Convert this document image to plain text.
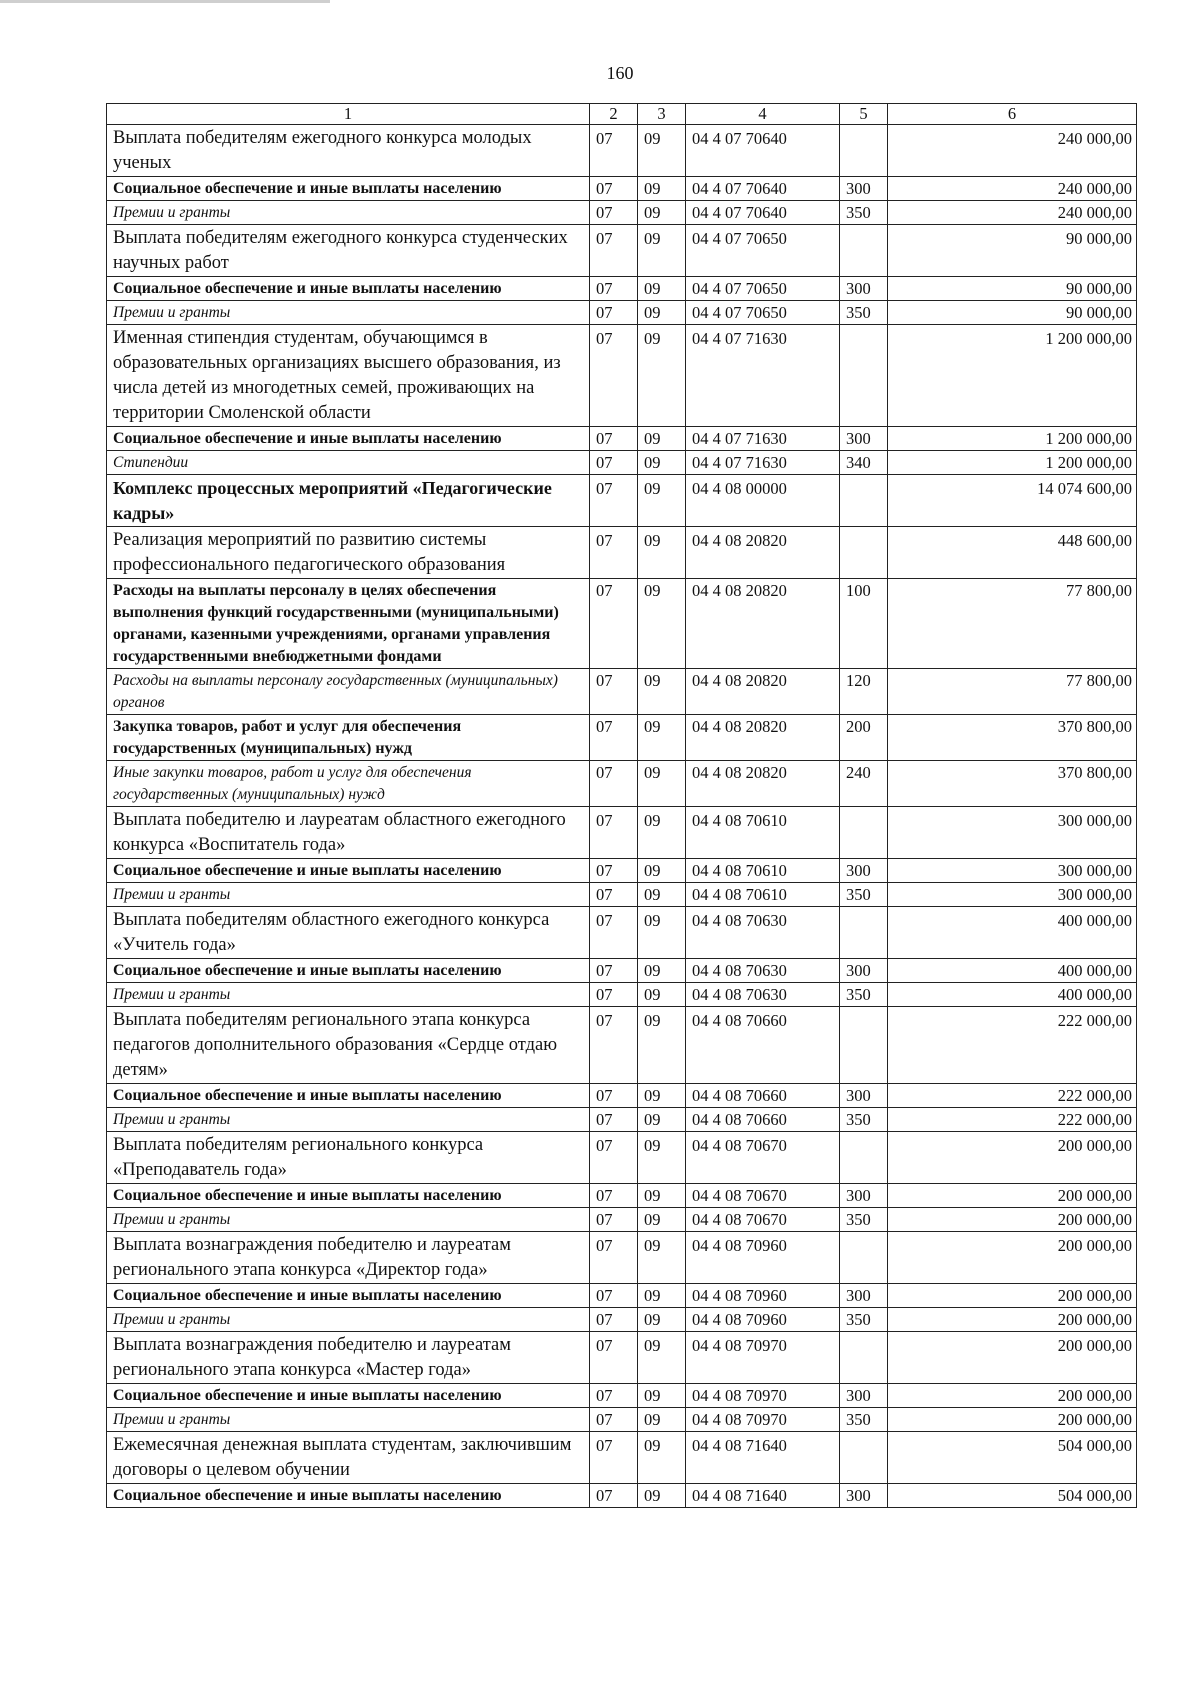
160
1	2	3	4	5	6
Выплата победителям ежегодного конкурса молодых ученых	07	09	04 4 07 70640		240 000,00
Социальное обеспечение и иные выплаты населению	07	09	04 4 07 70640	300	240 000,00
Премии и гранты	07	09	04 4 07 70640	350	240 000,00
Выплата победителям ежегодного конкурса студенческих научных работ	07	09	04 4 07 70650		90 000,00
Социальное обеспечение и иные выплаты населению	07	09	04 4 07 70650	300	90 000,00
Премии и гранты	07	09	04 4 07 70650	350	90 000,00
Именная стипендия студентам, обучающимся в образовательных организациях высшего образования, из числа детей из многодетных семей, проживающих на территории Смоленской области	07	09	04 4 07 71630		1 200 000,00
Социальное обеспечение и иные выплаты населению	07	09	04 4 07 71630	300	1 200 000,00
Стипендии	07	09	04 4 07 71630	340	1 200 000,00
Комплекс процессных мероприятий «Педагогические кадры»	07	09	04 4 08 00000		14 074 600,00
Реализация мероприятий по развитию системы профессионального педагогического образования	07	09	04 4 08 20820		448 600,00
Расходы на выплаты персоналу в целях обеспечения выполнения функций государственными (муниципальными) органами, казенными учреждениями, органами управления государственными внебюджетными фондами	07	09	04 4 08 20820	100	77 800,00
Расходы на выплаты персоналу государственных (муниципальных) органов	07	09	04 4 08 20820	120	77 800,00
Закупка товаров, работ и услуг для обеспечения государственных (муниципальных) нужд	07	09	04 4 08 20820	200	370 800,00
Иные закупки товаров, работ и услуг для обеспечения государственных (муниципальных) нужд	07	09	04 4 08 20820	240	370 800,00
Выплата победителю и лауреатам областного ежегодного конкурса «Воспитатель года»	07	09	04 4 08 70610		300 000,00
Социальное обеспечение и иные выплаты населению	07	09	04 4 08 70610	300	300 000,00
Премии и гранты	07	09	04 4 08 70610	350	300 000,00
Выплата победителям областного ежегодного конкурса «Учитель года»	07	09	04 4 08 70630		400 000,00
Социальное обеспечение и иные выплаты населению	07	09	04 4 08 70630	300	400 000,00
Премии и гранты	07	09	04 4 08 70630	350	400 000,00
Выплата победителям регионального этапа конкурса педагогов дополнительного образования «Сердце отдаю детям»	07	09	04 4 08 70660		222 000,00
Социальное обеспечение и иные выплаты населению	07	09	04 4 08 70660	300	222 000,00
Премии и гранты	07	09	04 4 08 70660	350	222 000,00
Выплата победителям регионального конкурса «Преподаватель года»	07	09	04 4 08 70670		200 000,00
Социальное обеспечение и иные выплаты населению	07	09	04 4 08 70670	300	200 000,00
Премии и гранты	07	09	04 4 08 70670	350	200 000,00
Выплата вознаграждения победителю и лауреатам регионального этапа конкурса «Директор года»	07	09	04 4 08 70960		200 000,00
Социальное обеспечение и иные выплаты населению	07	09	04 4 08 70960	300	200 000,00
Премии и гранты	07	09	04 4 08 70960	350	200 000,00
Выплата вознаграждения победителю и лауреатам регионального этапа конкурса «Мастер года»	07	09	04 4 08 70970		200 000,00
Социальное обеспечение и иные выплаты населению	07	09	04 4 08 70970	300	200 000,00
Премии и гранты	07	09	04 4 08 70970	350	200 000,00
Ежемесячная денежная выплата студентам, заключившим договоры о целевом обучении	07	09	04 4 08 71640		504 000,00
Социальное обеспечение и иные выплаты населению	07	09	04 4 08 71640	300	504 000,00
